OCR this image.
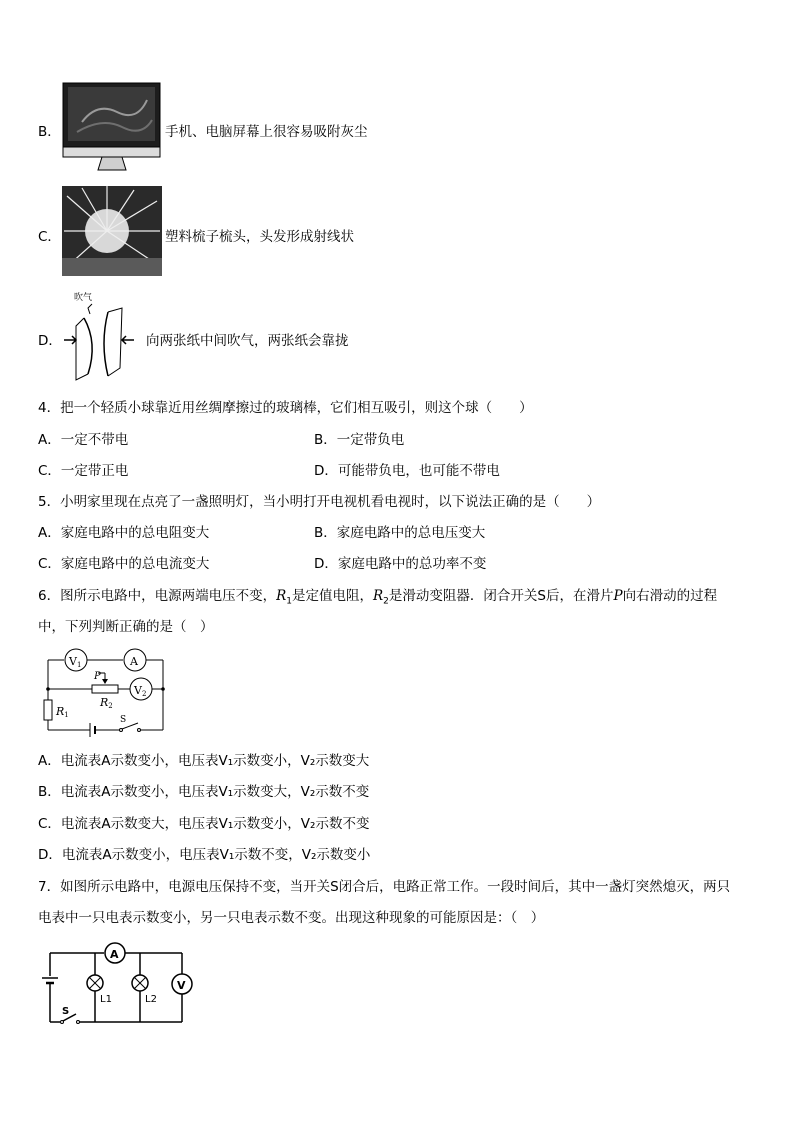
B．	手机、电脑屏幕上很容易吸附灰尘
C．	塑料梳子梳头，头发形成射线状
D．
吹气
向两张纸中间吹气，两张纸会靠拢
4．把一个轻质小球靠近用丝绸摩擦过的玻璃棒，它们相互吸引，则这个球（　　）
A．一定不带电	B．一定带负电
C．一定带正电	D．可能带负电，也可能不带电
5．小明家里现在点亮了一盏照明灯，当小明打开电视机看电视时，以下说法正确的是（　　）
A．家庭电路中的总电阻变大	B．家庭电路中的总电压变大
C．家庭电路中的总电流变大	D．家庭电路中的总功率不变
6．图所示电路中，电源两端电压不变，$R_1$是定值电阻，$R_2$是滑动变阻器．闭合开关S后，在滑片P向右滑动的过程
中，下列判断正确的是（　）
V1	A
V2
P
R2
R1	S
A．电流表A示数变小，电压表V₁示数变小，V₂示数变大
B．电流表A示数变小，电压表V₁示数变大，V₂示数不变
C．电流表A示数变大，电压表V₁示数变小，V₂示数不变
D．电流表A示数变小，电压表V₁示数不变，V₂示数变小
7．如图所示电路中，电源电压保持不变，当开关S闭合后，电路正常工作。一段时间后，其中一盏灯突然熄灭，两只
电表中一只电表示数变小，另一只电表示数不变。出现这种现象的可能原因是：（　）
A
S
L1	L2
V
